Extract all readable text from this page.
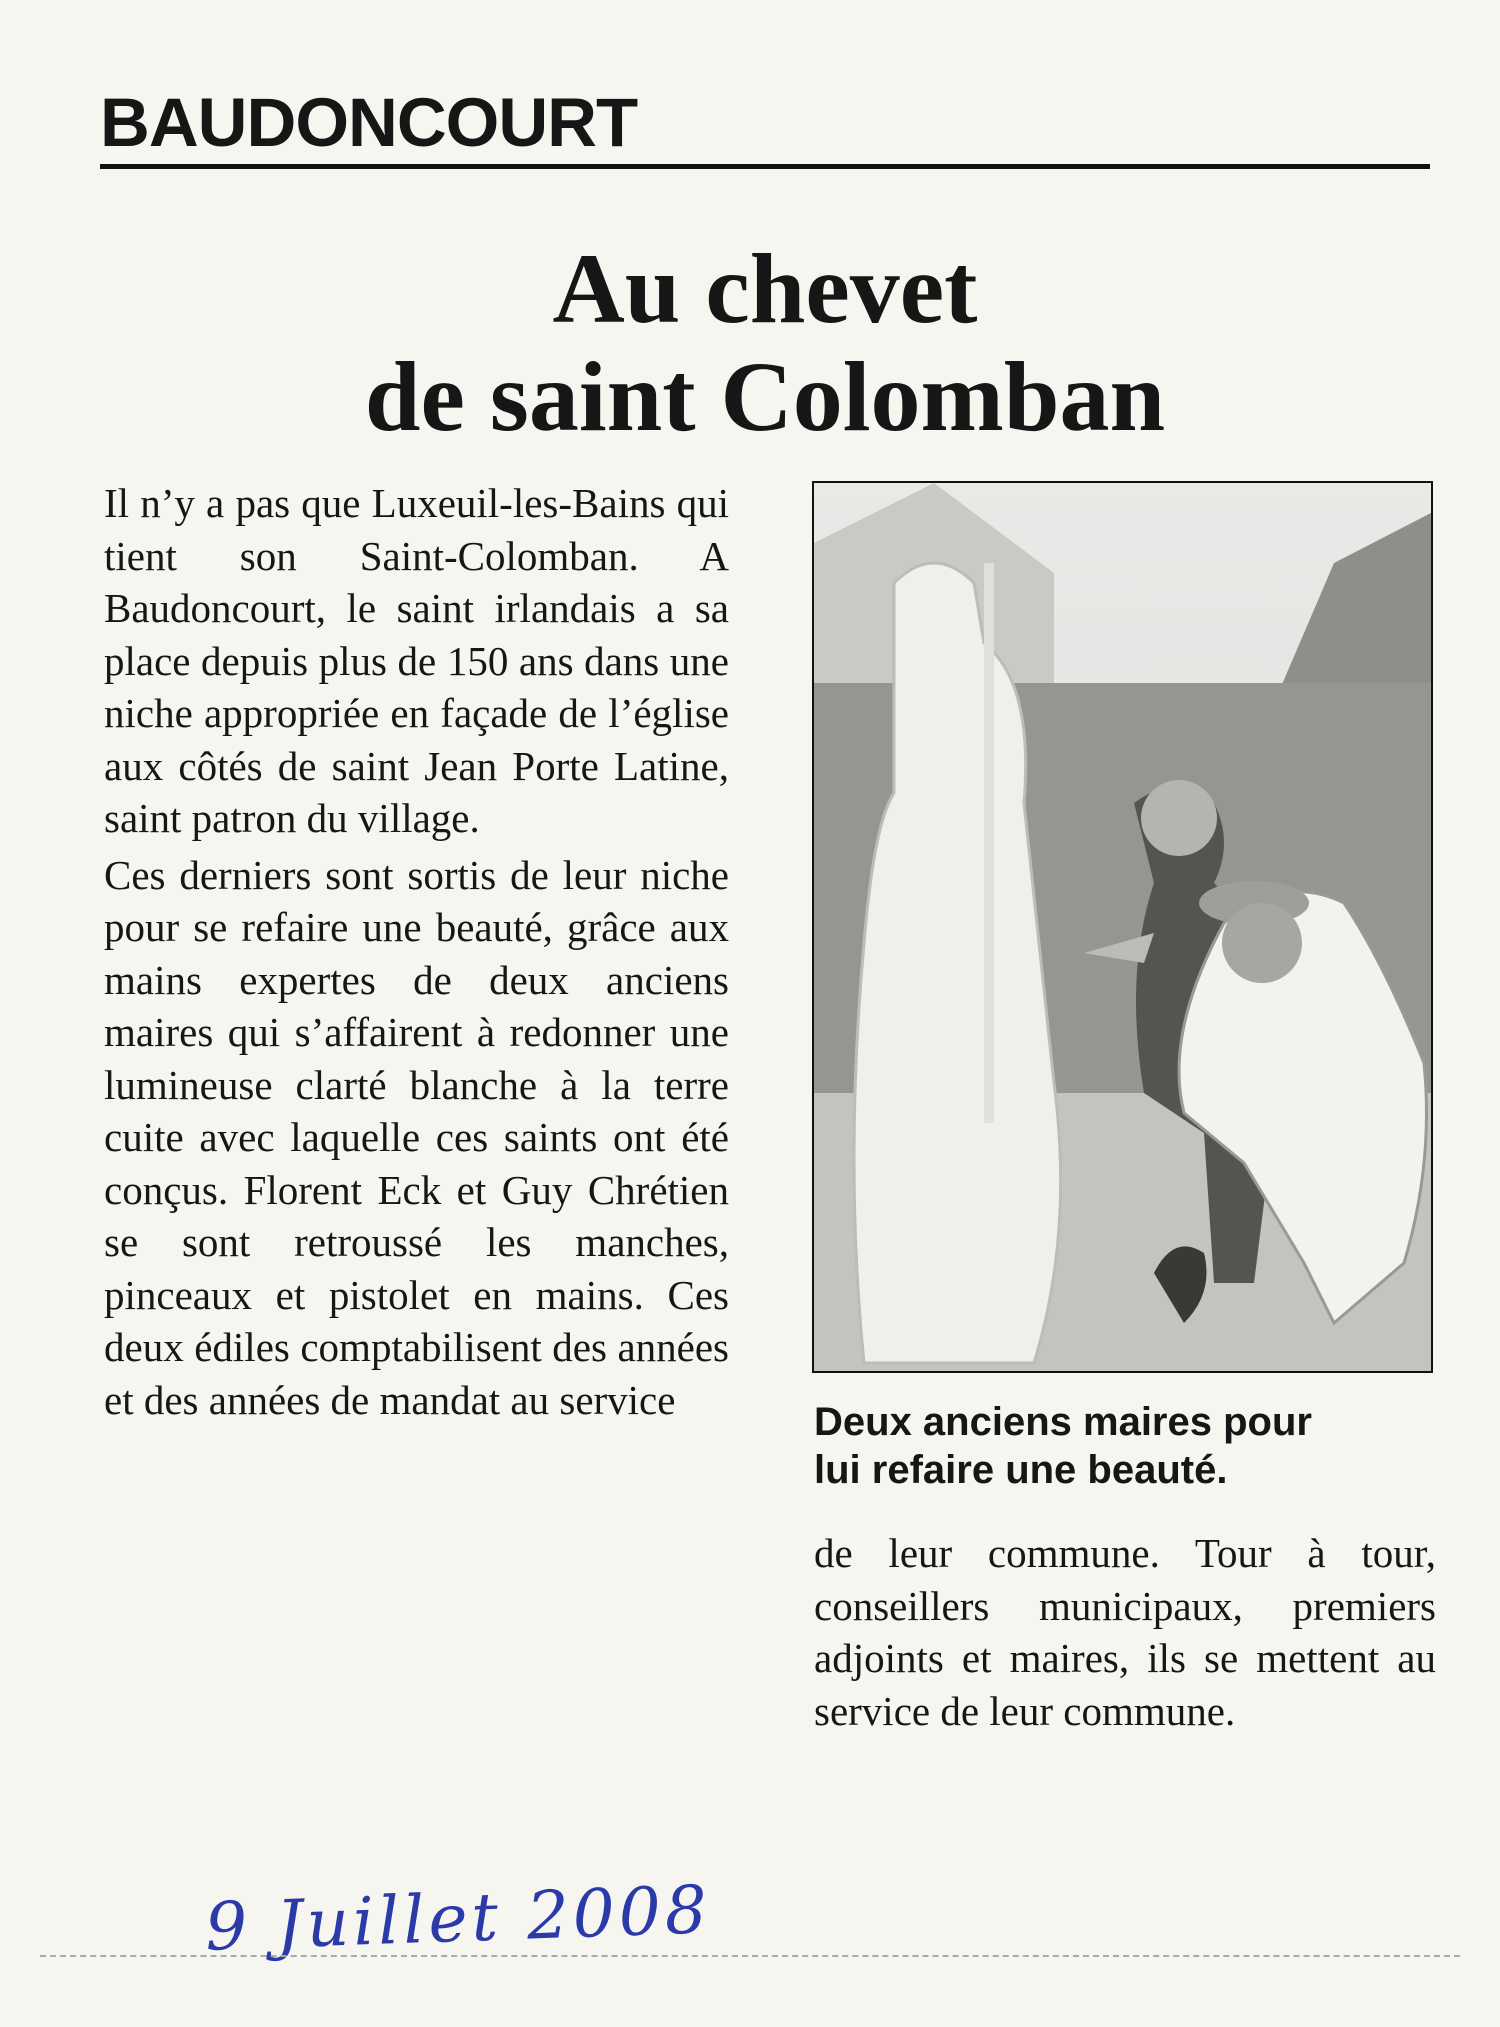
BAUDONCOURT
Au chevet
de saint Colomban

Il n’y a pas que Luxeuil-les-Bains qui tient son Saint-Colomban. A Baudoncourt, le saint irlandais a sa place depuis plus de 150 ans dans une niche appropriée en façade de l’église aux côtés de saint Jean Porte Latine, saint patron du village.

Ces derniers sont sortis de leur niche pour se refaire une beauté, grâce aux mains expertes de deux anciens maires qui s’affairent à redonner une lumineuse clarté blanche à la terre cuite avec laquelle ces saints ont été conçus. Florent Eck et Guy Chrétien se sont retroussé les manches, pinceaux et pistolet en mains. Ces deux édiles comptabilisent des années et des années de mandat au service	Deux anciens maires pour
lui refaire une beauté.

de leur commune. Tour à tour, conseillers municipaux, premiers adjoints et maires, ils se mettent au service de leur commune.

9 Juillet 2008
